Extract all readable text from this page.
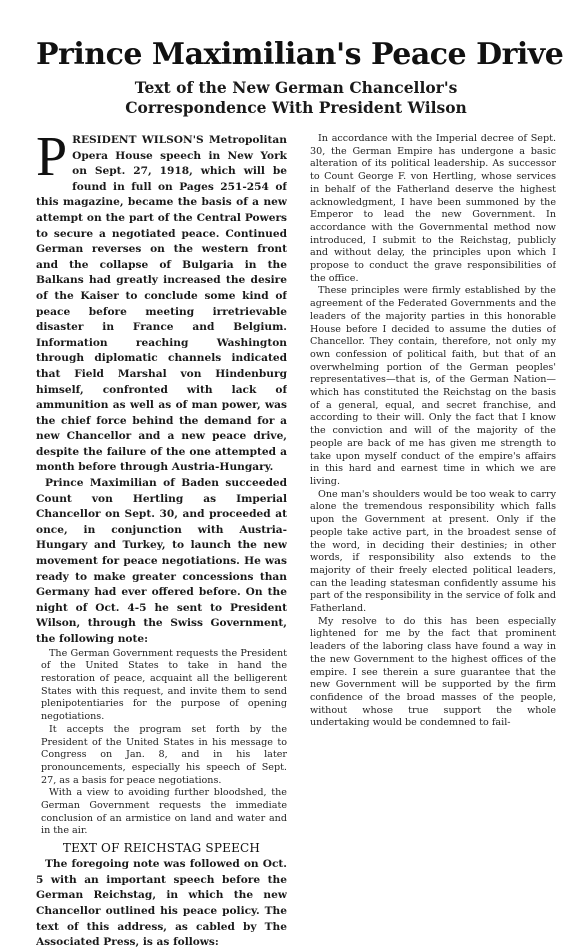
Prince Maximilian's Peace Drive
Text of the New German Chancellor's
Correspondence With President Wilson

PRESIDENT WILSON'S Metropolitan Opera House speech in New York on Sept. 27, 1918, which will be found in full on Pages 251-254 of this magazine, became the basis of a new attempt on the part of the Central Powers to secure a negotiated peace. Continued German reverses on the western front and the collapse of Bulgaria in the Balkans had greatly increased the desire of the Kaiser to conclude some kind of peace before meeting irretrievable disaster in France and Belgium. Information reaching Washington through diplomatic channels indicated that Field Marshal von Hindenburg himself, confronted with lack of ammunition as well as of man power, was the chief force behind the demand for a new Chancellor and a new peace drive, despite the failure of the one attempted a month before through Austria-Hungary.

Prince Maximilian of Baden succeeded Count von Hertling as Imperial Chancellor on Sept. 30, and proceeded at once, in conjunction with Austria-Hungary and Turkey, to launch the new movement for peace negotiations. He was ready to make greater concessions than Germany had ever offered before. On the night of Oct. 4-5 he sent to President Wilson, through the Swiss Government, the following note:

The German Government requests the President of the United States to take in hand the restoration of peace, acquaint all the belligerent States with this request, and invite them to send plenipotentiaries for the purpose of opening negotiations.

It accepts the program set forth by the President of the United States in his message to Congress on Jan. 8, and in his later pronouncements, especially his speech of Sept. 27, as a basis for peace negotiations.

With a view to avoiding further bloodshed, the German Government requests the immediate conclusion of an armistice on land and water and in the air.

TEXT OF REICHSTAG SPEECH

The foregoing note was followed on Oct. 5 with an important speech before the German Reichstag, in which the new Chancellor outlined his peace policy. The text of this address, as cabled by The Associated Press, is as follows:

In accordance with the Imperial decree of Sept. 30, the German Empire has undergone a basic alteration of its political leadership. As successor to Count George F. von Hertling, whose services in behalf of the Fatherland deserve the highest acknowledgment, I have been summoned by the Emperor to lead the new Government. In accordance with the Governmental method now introduced, I submit to the Reichstag, publicly and without delay, the principles upon which I propose to conduct the grave responsibilities of the office.

These principles were firmly established by the agreement of the Federated Governments and the leaders of the majority parties in this honorable House before I decided to assume the duties of Chancellor. They contain, therefore, not only my own confession of political faith, but that of an overwhelming portion of the German peoples' representatives—that is, of the German Nation—which has constituted the Reichstag on the basis of a general, equal, and secret franchise, and according to their will. Only the fact that I know the conviction and will of the majority of the people are back of me has given me strength to take upon myself conduct of the empire's affairs in this hard and earnest time in which we are living.

One man's shoulders would be too weak to carry alone the tremendous responsibility which falls upon the Government at present. Only if the people take active part, in the broadest sense of the word, in deciding their destinies; in other words, if responsibility also extends to the majority of their freely elected political leaders, can the leading statesman confidently assume his part of the responsibility in the service of folk and Fatherland.

My resolve to do this has been especially lightened for me by the fact that prominent leaders of the laboring class have found a way in the new Government to the highest offices of the empire. I see therein a sure guarantee that the new Government will be supported by the firm confidence of the broad masses of the people, without whose true support the whole undertaking would be condemned to fail-
